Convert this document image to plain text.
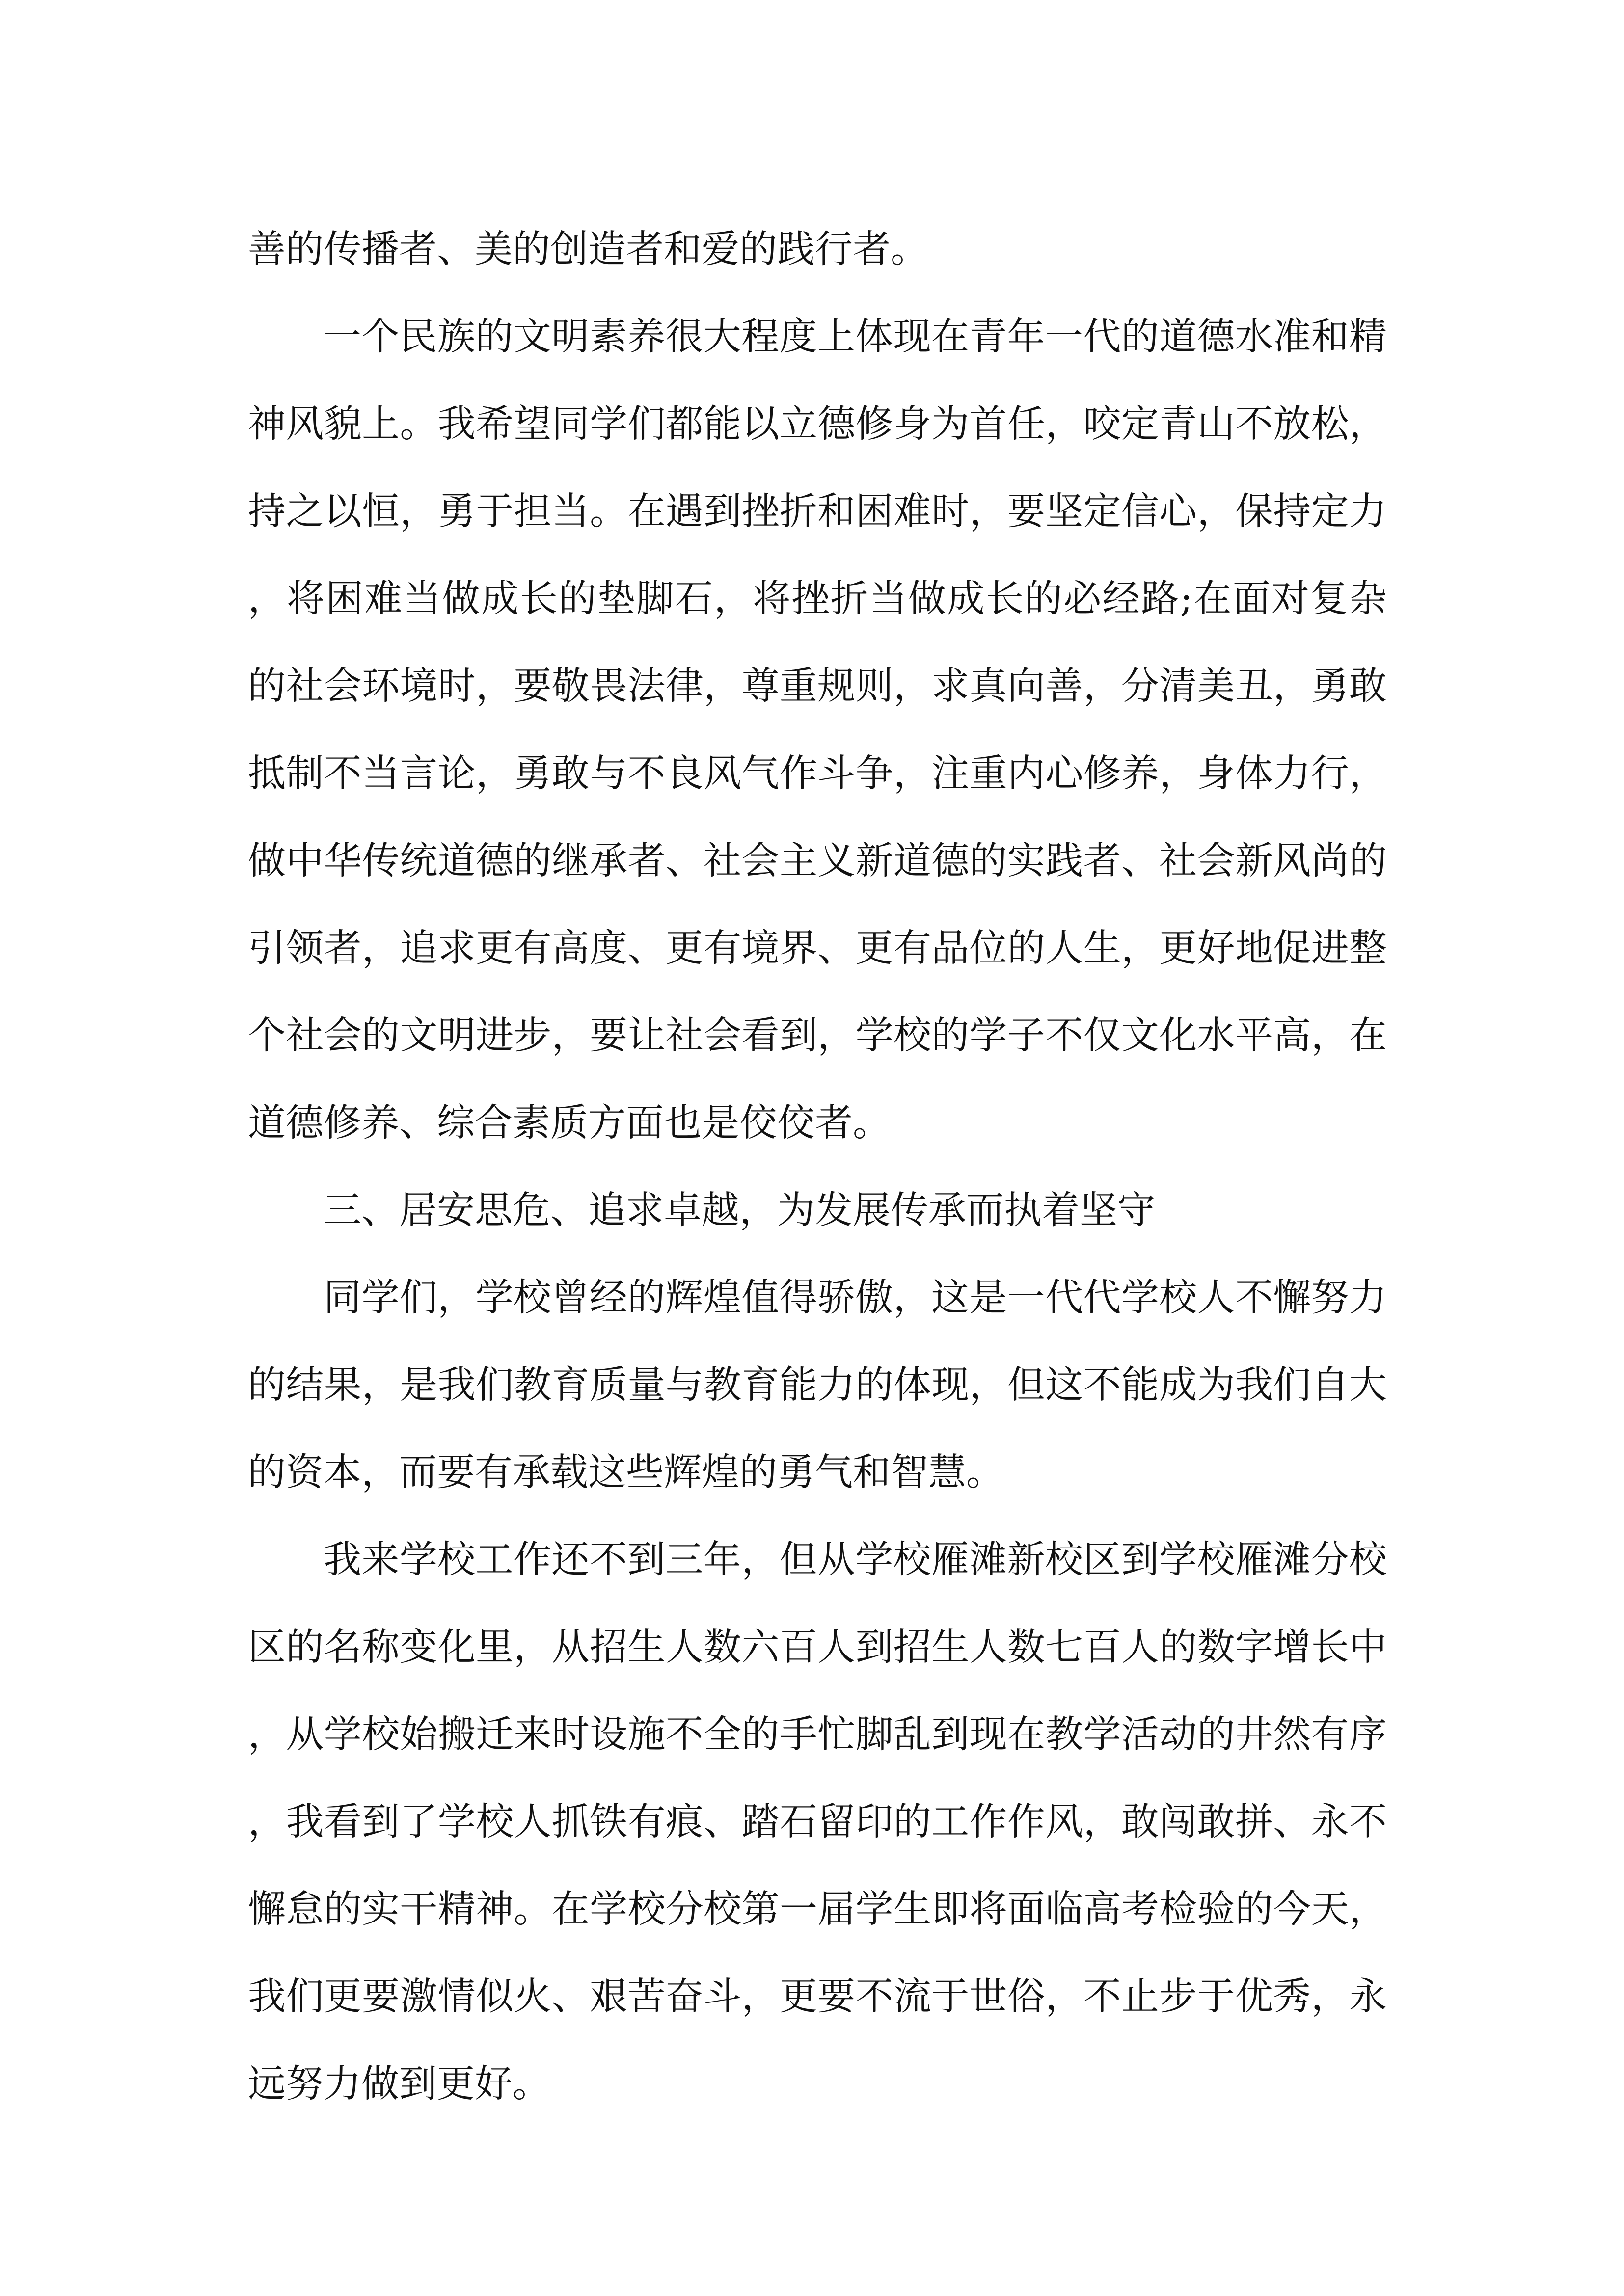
善的传播者、美的创造者和爱的践行者。

一个民族的文明素养很大程度上体现在青年一代的道德水准和精神风貌上。我希望同学们都能以立德修身为首任，咬定青山不放松，持之以恒，勇于担当。在遇到挫折和困难时，要坚定信心，保持定力，将困难当做成长的垫脚石，将挫折当做成长的必经路;在面对复杂的社会环境时，要敬畏法律，尊重规则，求真向善，分清美丑，勇敢抵制不当言论，勇敢与不良风气作斗争，注重内心修养，身体力行，做中华传统道德的继承者、社会主义新道德的实践者、社会新风尚的引领者，追求更有高度、更有境界、更有品位的人生，更好地促进整个社会的文明进步，要让社会看到，学校的学子不仅文化水平高，在道德修养、综合素质方面也是佼佼者。

三、居安思危、追求卓越，为发展传承而执着坚守

同学们，学校曾经的辉煌值得骄傲，这是一代代学校人不懈努力的结果，是我们教育质量与教育能力的体现，但这不能成为我们自大的资本，而要有承载这些辉煌的勇气和智慧。

我来学校工作还不到三年，但从学校雁滩新校区到学校雁滩分校区的名称变化里，从招生人数六百人到招生人数七百人的数字增长中，从学校始搬迁来时设施不全的手忙脚乱到现在教学活动的井然有序，我看到了学校人抓铁有痕、踏石留印的工作作风，敢闯敢拼、永不懈怠的实干精神。在学校分校第一届学生即将面临高考检验的今天，我们更要激情似火、艰苦奋斗，更要不流于世俗，不止步于优秀，永远努力做到更好。
